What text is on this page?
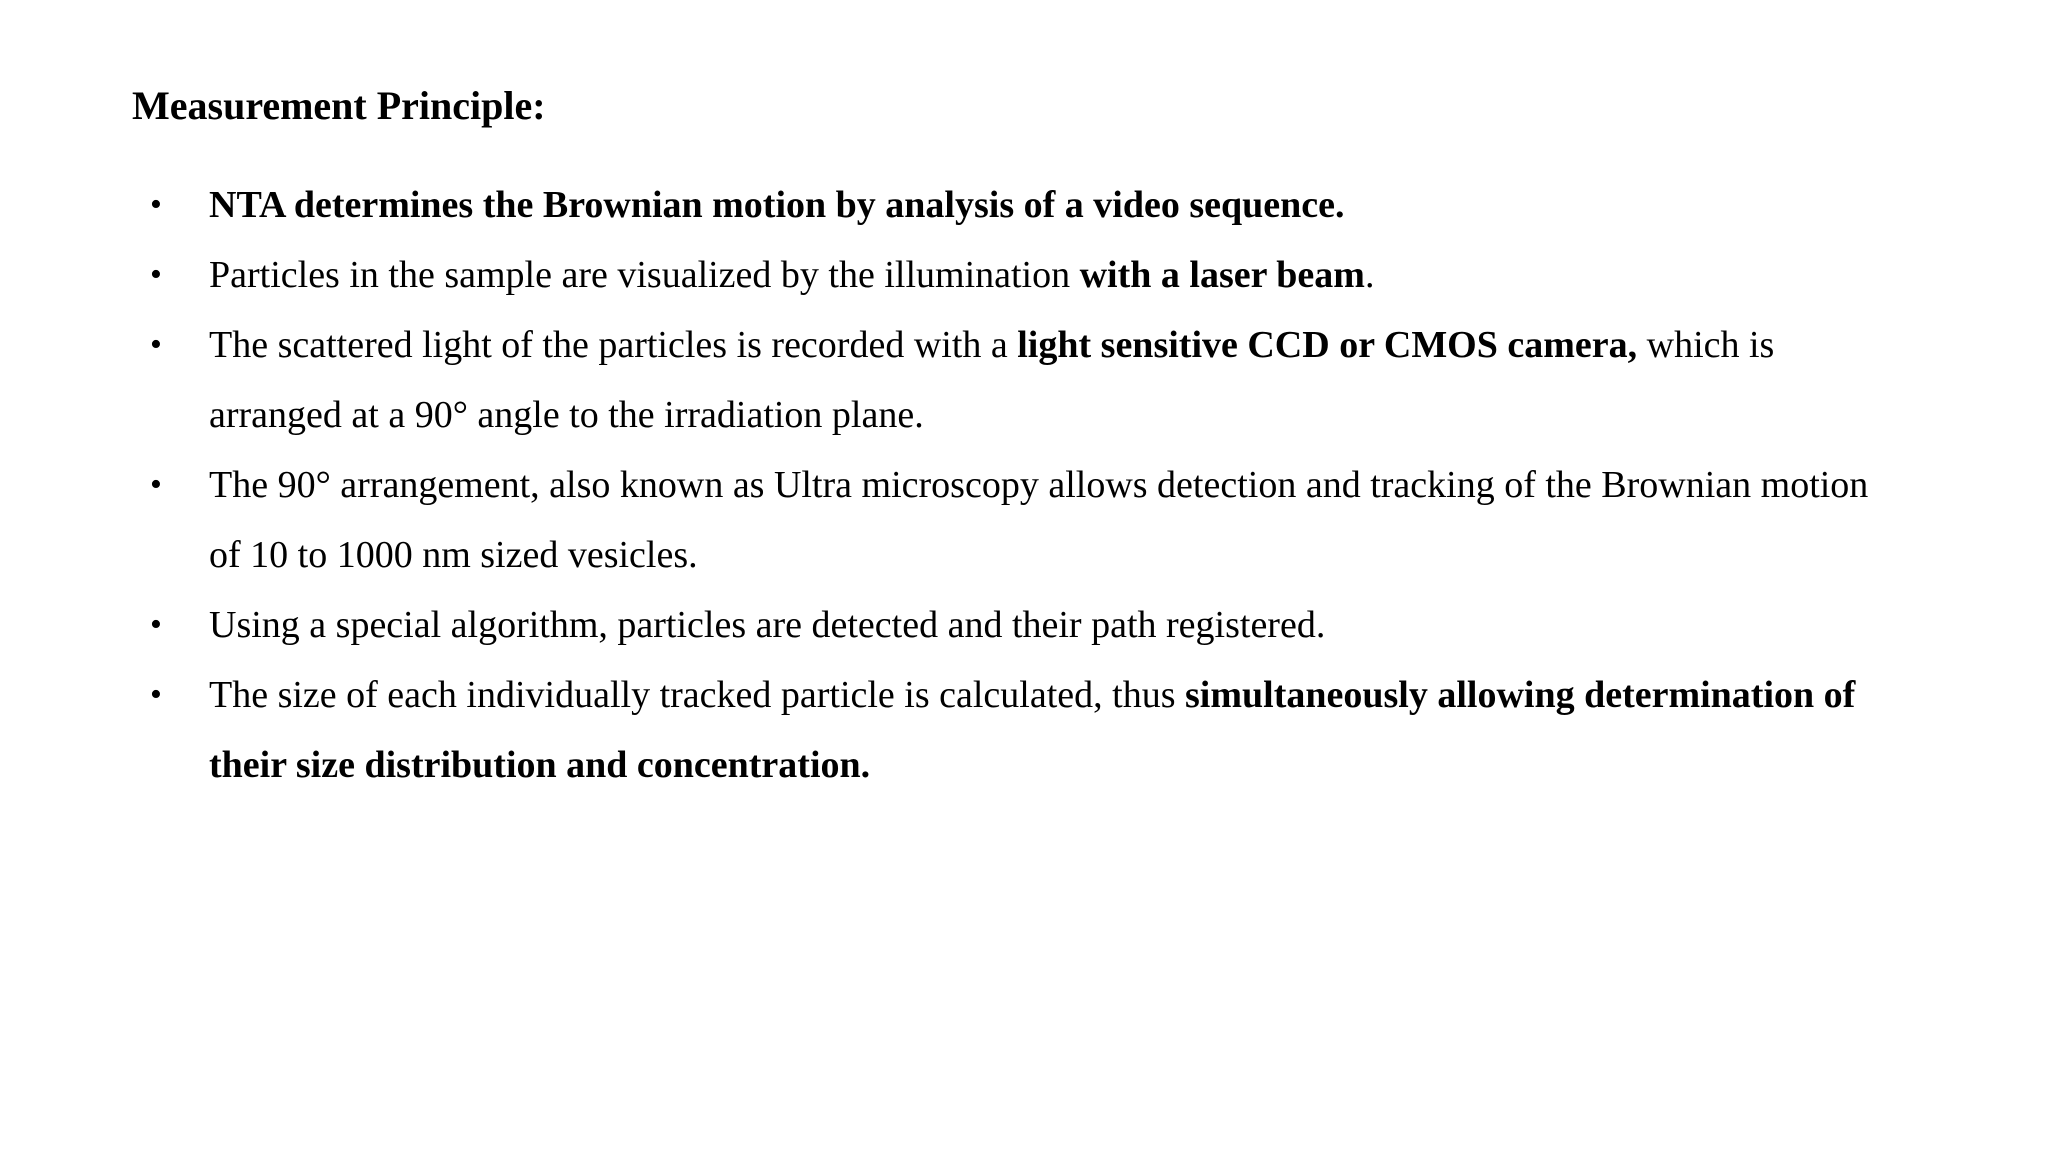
Measurement Principle:
• NTA determines the Brownian motion by analysis of a video sequence.
• Particles in the sample are visualized by the illumination with a laser beam.
• The scattered light of the particles is recorded with a light sensitive CCD or CMOS camera, which is arranged at a 90° angle to the irradiation plane.
• The 90° arrangement, also known as Ultra microscopy allows detection and tracking of the Brownian motion of 10 to 1000 nm sized vesicles.
• Using a special algorithm, particles are detected and their path registered.
• The size of each individually tracked particle is calculated, thus simultaneously allowing determination of their size distribution and concentration.
